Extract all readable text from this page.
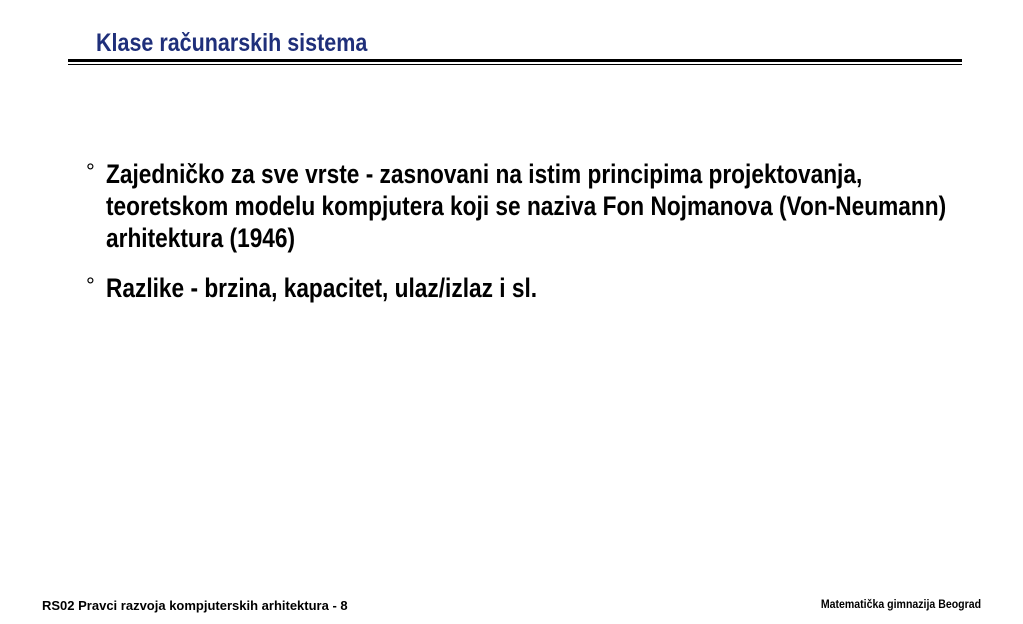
Klase računarskih sistema
° Zajedničko za sve vrste - zasnovani na istim principima projektovanja, teoretskom modelu kompjutera koji se naziva Fon Nojmanova (Von-Neumann) arhitektura (1946)
° Razlike - brzina, kapacitet, ulaz/izlaz i sl.
RS02 Pravci razvoja kompjuterskih arhitektura - 8	Matematička gimnazija Beograd
